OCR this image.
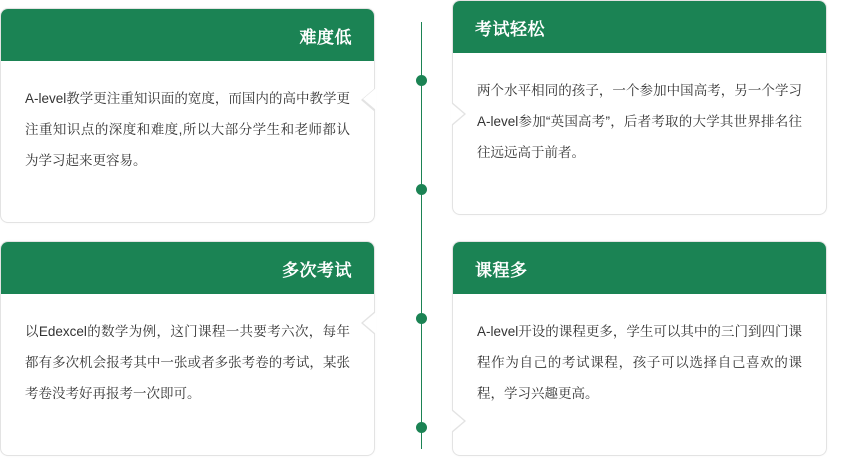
难度低

A-level教学更注重知识面的宽度，而国内的高中教学更注重知识点的深度和难度,所以大部分学生和老师都认为学习起来更容易。

考试轻松

两个水平相同的孩子，一个参加中国高考，另一个学习A-level参加“英国高考”，后者考取的大学其世界排名往往远远高于前者。

多次考试

以Edexcel的数学为例，这门课程一共要考六次，每年都有多次机会报考其中一张或者多张考卷的考试，某张考卷没考好再报考一次即可。

课程多

A-level开设的课程更多，学生可以其中的三门到四门课程作为自己的考试课程，孩子可以选择自己喜欢的课程，学习兴趣更高。
